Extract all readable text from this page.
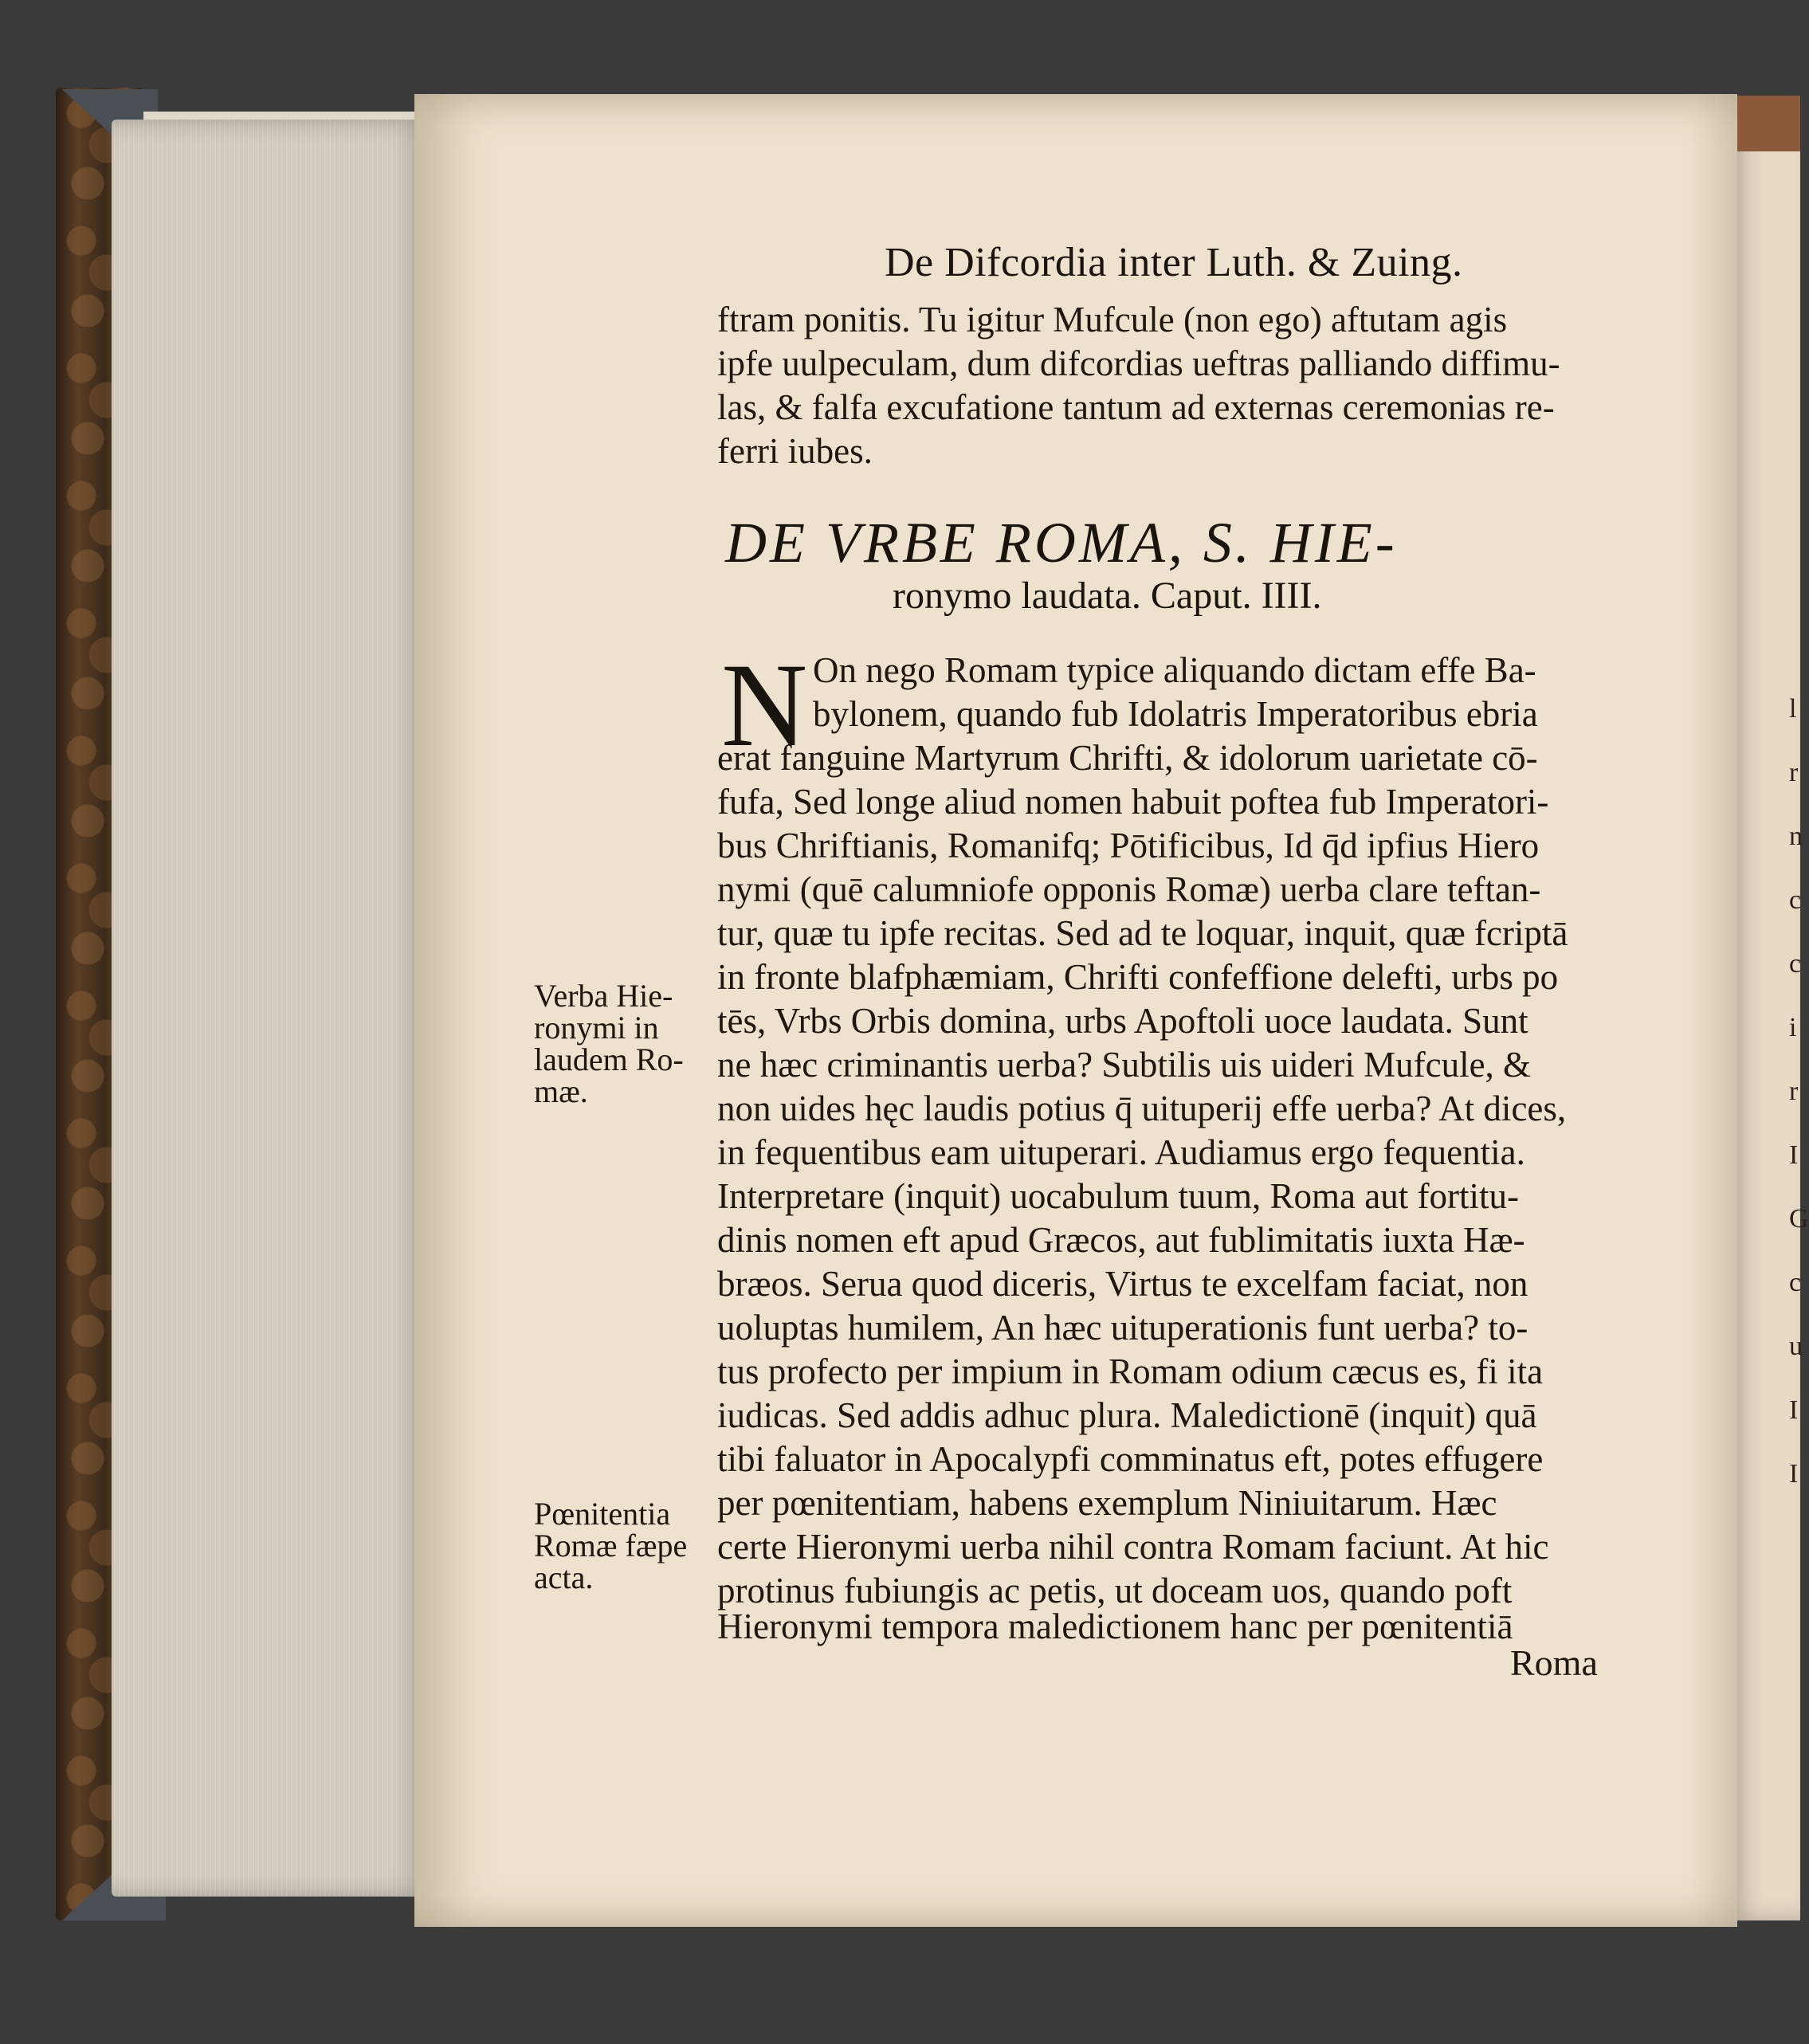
De Difcordia inter Luth. & Zuing.
ftram ponitis. Tu igitur Mufcule (non ego) aftutam agis
ipfe uulpeculam, dum difcordias ueftras palliando diffimu-
las, & falfa excufatione tantum ad externas ceremonias re-
ferri iubes.
DE VRBE ROMA, S. HIE-
ronymo laudata. Caput. IIII.
N On nego Romam typice aliquando dictam effe Ba-
bylonem, quando fub Idolatris Imperatoribus ebria
erat fanguine Martyrum Chrifti, & idolorum uarietate cō-
fufa, Sed longe aliud nomen habuit poftea fub Imperatori-
bus Chriftianis, Romanifq; Pōtificibus, Id q̄d ipfius Hiero
nymi (quē calumniofe opponis Romæ) uerba clare teftan-
tur, quæ tu ipfe recitas. Sed ad te loquar, inquit, quæ fcriptā
in fronte blafphæmiam, Chrifti confeffione delefti, urbs po
tēs, Vrbs Orbis domina, urbs Apoftoli uoce laudata. Sunt
ne hæc criminantis uerba? Subtilis uis uideri Mufcule, &
non uides hęc laudis potius q̄ uituperij effe uerba? At dices,
in fequentibus eam uituperari. Audiamus ergo fequentia.
Interpretare (inquit) uocabulum tuum, Roma aut fortitu-
dinis nomen eft apud Græcos, aut fublimitatis iuxta Hæ-
bræos. Serua quod diceris, Virtus te excelfam faciat, non
uoluptas humilem, An hæc uituperationis funt uerba? to-
tus profecto per impium in Romam odium cæcus es, fi ita
iudicas. Sed addis adhuc plura. Maledictionē (inquit) quā
tibi faluator in Apocalypfi comminatus eft, potes effugere
per pœnitentiam, habens exemplum Niniuitarum. Hæc
certe Hieronymi uerba nihil contra Romam faciunt. At hic
protinus fubiungis ac petis, ut doceam uos, quando poft
Hieronymi tempora maledictionem hanc per pœnitentiā
Roma
Verba Hie-
ronymi in
laudem Ro-
mæ.
Pœnitentia
Romæ fæpe
acta.
lrnccirIGcuII
